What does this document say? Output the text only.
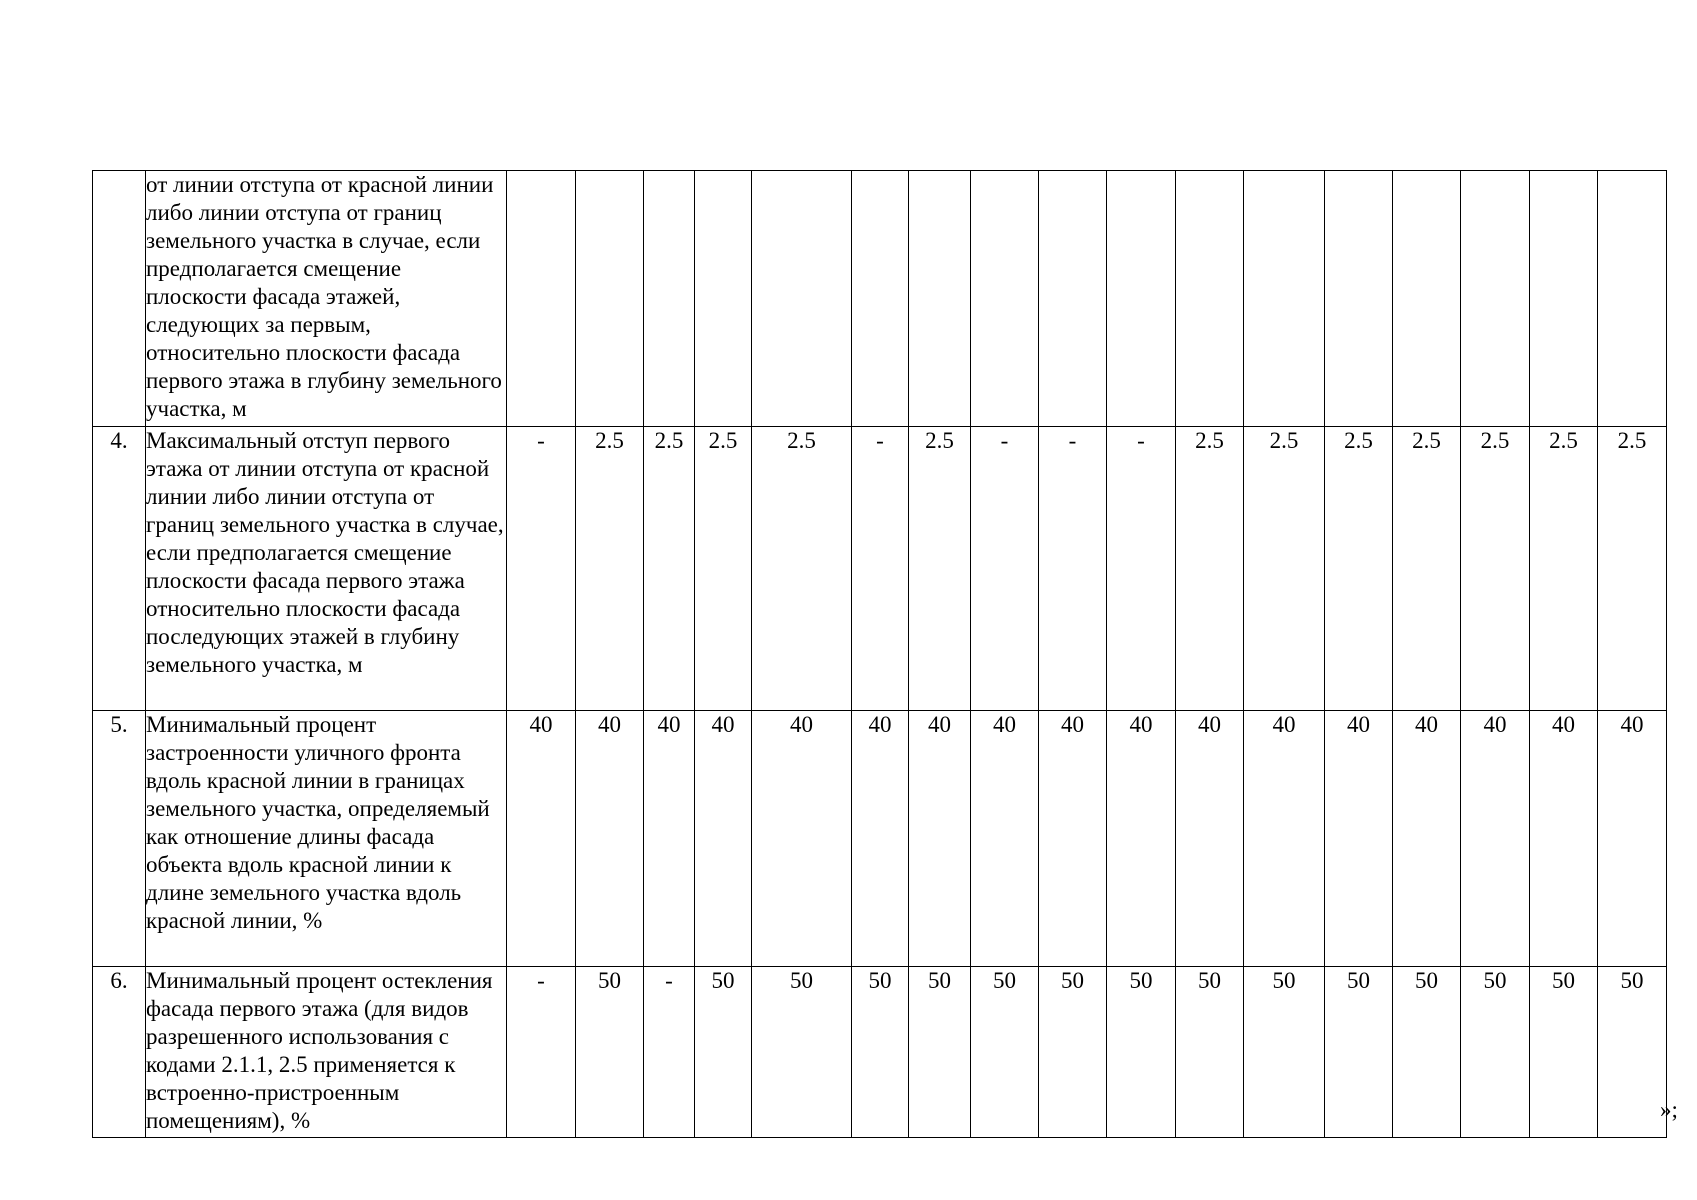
	от линии отступа от красной линии либо линии отступа от границ земельного участка в случае, если предполагается смещение плоскости фасада этажей, следующих за первым, относительно плоскости фасада первого этажа в глубину земельного участка, м																	
4.	Максимальный отступ первого этажа от линии отступа от красной линии либо линии отступа от границ земельного участка в случае, если предполагается смещение плоскости фасада первого этажа относительно плоскости фасада последующих этажей в глубину земельного участка, м	-	2.5	2.5	2.5	2.5	-	2.5	-	-	-	2.5	2.5	2.5	2.5	2.5	2.5	2.5
5.	Минимальный процент застроенности уличного фронта вдоль красной линии в границах земельного участка, определяемый как отношение длины фасада объекта вдоль красной линии к длине земельного участка вдоль красной линии, %	40	40	40	40	40	40	40	40	40	40	40	40	40	40	40	40	40
6.	Минимальный процент остекления фасада первого этажа (для видов разрешенного использования с кодами 2.1.1, 2.5 применяется к встроенно-пристроенным помещениям), %	-	50	-	50	50	50	50	50	50	50	50	50	50	50	50	50	50
»;
